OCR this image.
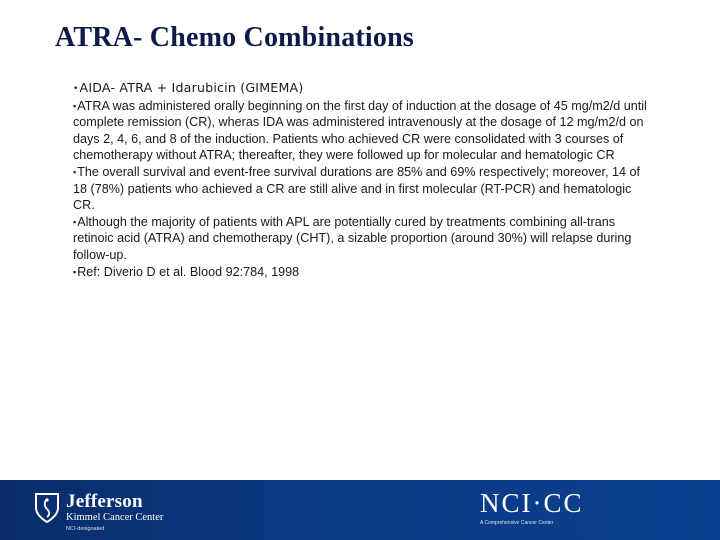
ATRA- Chemo Combinations

•AIDA- ATRA + Idarubicin (GIMEMA)

▪ATRA was administered orally beginning on the first day of induction at the dosage of 45 mg/m2/d until complete remission (CR), wheras IDA was administered intravenously at the dosage of 12 mg/m2/d on days 2, 4, 6, and 8 of the induction. Patients who achieved CR were consolidated with 3 courses of chemotherapy without ATRA; thereafter, they were followed up for molecular and hematologic CR

▪The overall survival and event-free survival durations are 85% and 69% respectively; moreover, 14 of 18 (78%) patients who achieved a CR are still alive and in first molecular (RT-PCR) and hematologic CR.

▪Although the majority of patients with APL are potentially cured by treatments combining all-trans retinoic acid (ATRA) and chemotherapy (CHT), a sizable proportion (around 30%) will relapse during follow-up.

▪Ref: Diverio D et al. Blood 92:784, 1998

Jefferson
Kimmel Cancer Center
NCI-designated
NCI·CC
A Comprehensive Cancer Center
